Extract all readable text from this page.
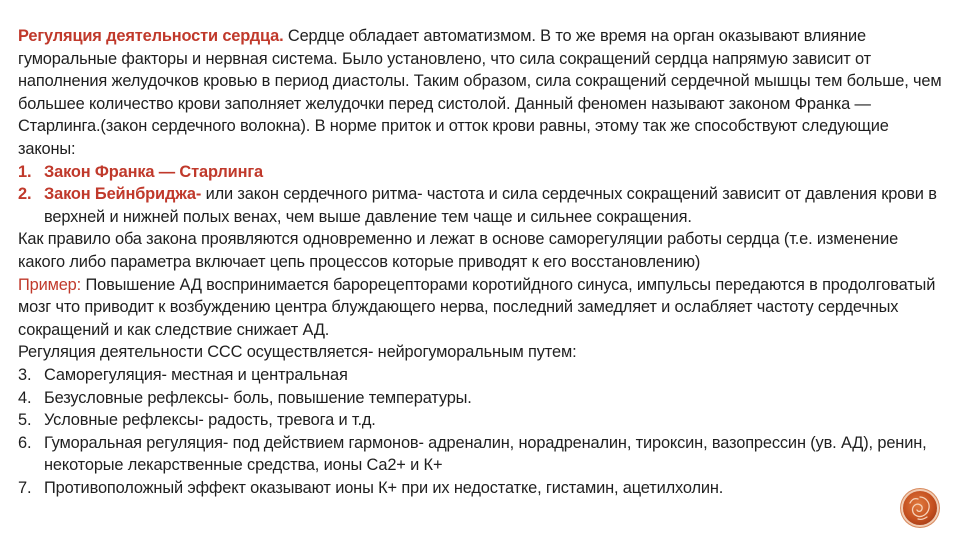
Регуляция деятельности сердца. Сердце обладает автоматизмом. В то же время на орган оказывают влияние гуморальные факторы и нервная система. Было установлено, что сила сокращений сердца напрямую зависит от наполнения желудочков кровью в период диастолы. Таким образом, сила сокращений сердечной мышцы тем больше, чем большее количество крови заполняет желудочки перед систолой. Данный феномен называют законом Франка — Старлинга.(закон сердечного волокна). В норме приток и отток крови равны, этому так же способствуют следующие законы:

1. Закон Франка — Старлинга
2. Закон Бейнбриджа- или закон сердечного ритма- частота и сила сердечных сокращений зависит от давления крови в верхней и нижней полых венах, чем выше давление тем чаще и сильнее сокращения.

Как правило оба закона проявляются одновременно и лежат в основе саморегуляции работы сердца (т.е. изменение какого либо параметра включает цепь процессов которые приводят к его восстановлению)

Пример: Повышение АД воспринимается барорецепторами коротийдного синуса, импульсы передаются в продолговатый мозг что приводит к возбуждению центра блуждающего нерва, последний замедляет и ослабляет частоту сердечных сокращений и как следствие снижает АД.

Регуляция деятельности ССС осуществляется- нейрогуморальным путем:

3. Саморегуляция- местная и центральная
4. Безусловные рефлексы- боль, повышение температуры.
5. Условные рефлексы- радость, тревога и т.д.
6. Гуморальная регуляция- под действием гармонов- адреналин, норадреналин, тироксин, вазопрессин (ув. АД), ренин, некоторые лекарственные средства, ионы Са2+ и К+
7. Противоположный эффект оказывают ионы К+ при их недостатке, гистамин, ацетилхолин.
